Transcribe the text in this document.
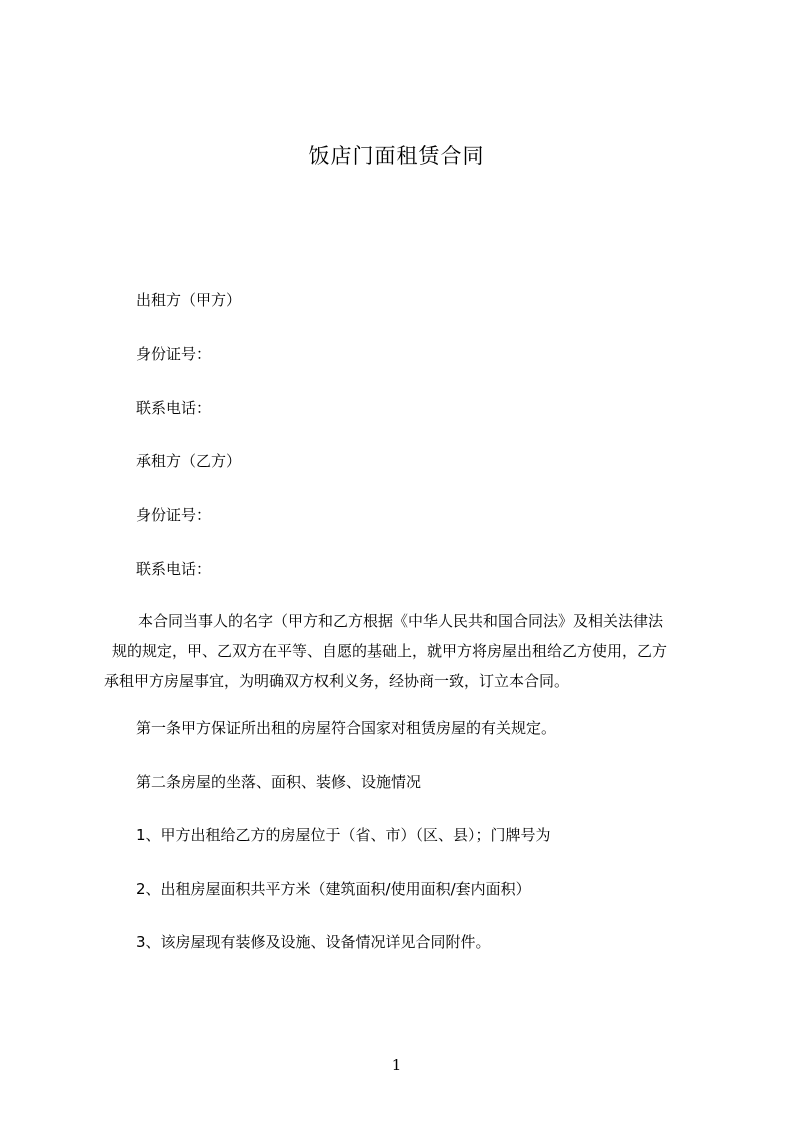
饭店门面租赁合同
出租方（甲方）
身份证号：
联系电话：
承租方（乙方）
身份证号：
联系电话：
本合同当事人的名字（甲方和乙方根据《中华人民共和国合同法》及相关法律法
规的规定，甲、乙双方在平等、自愿的基础上，就甲方将房屋出租给乙方使用，乙方
承租甲方房屋事宜，为明确双方权利义务，经协商一致，订立本合同。
第一条甲方保证所出租的房屋符合国家对租赁房屋的有关规定。
第二条房屋的坐落、面积、装修、设施情况
1、甲方出租给乙方的房屋位于（省、市）（区、县）；门牌号为
2、出租房屋面积共平方米（建筑面积/使用面积/套内面积）
3、该房屋现有装修及设施、设备情况详见合同附件。
1
